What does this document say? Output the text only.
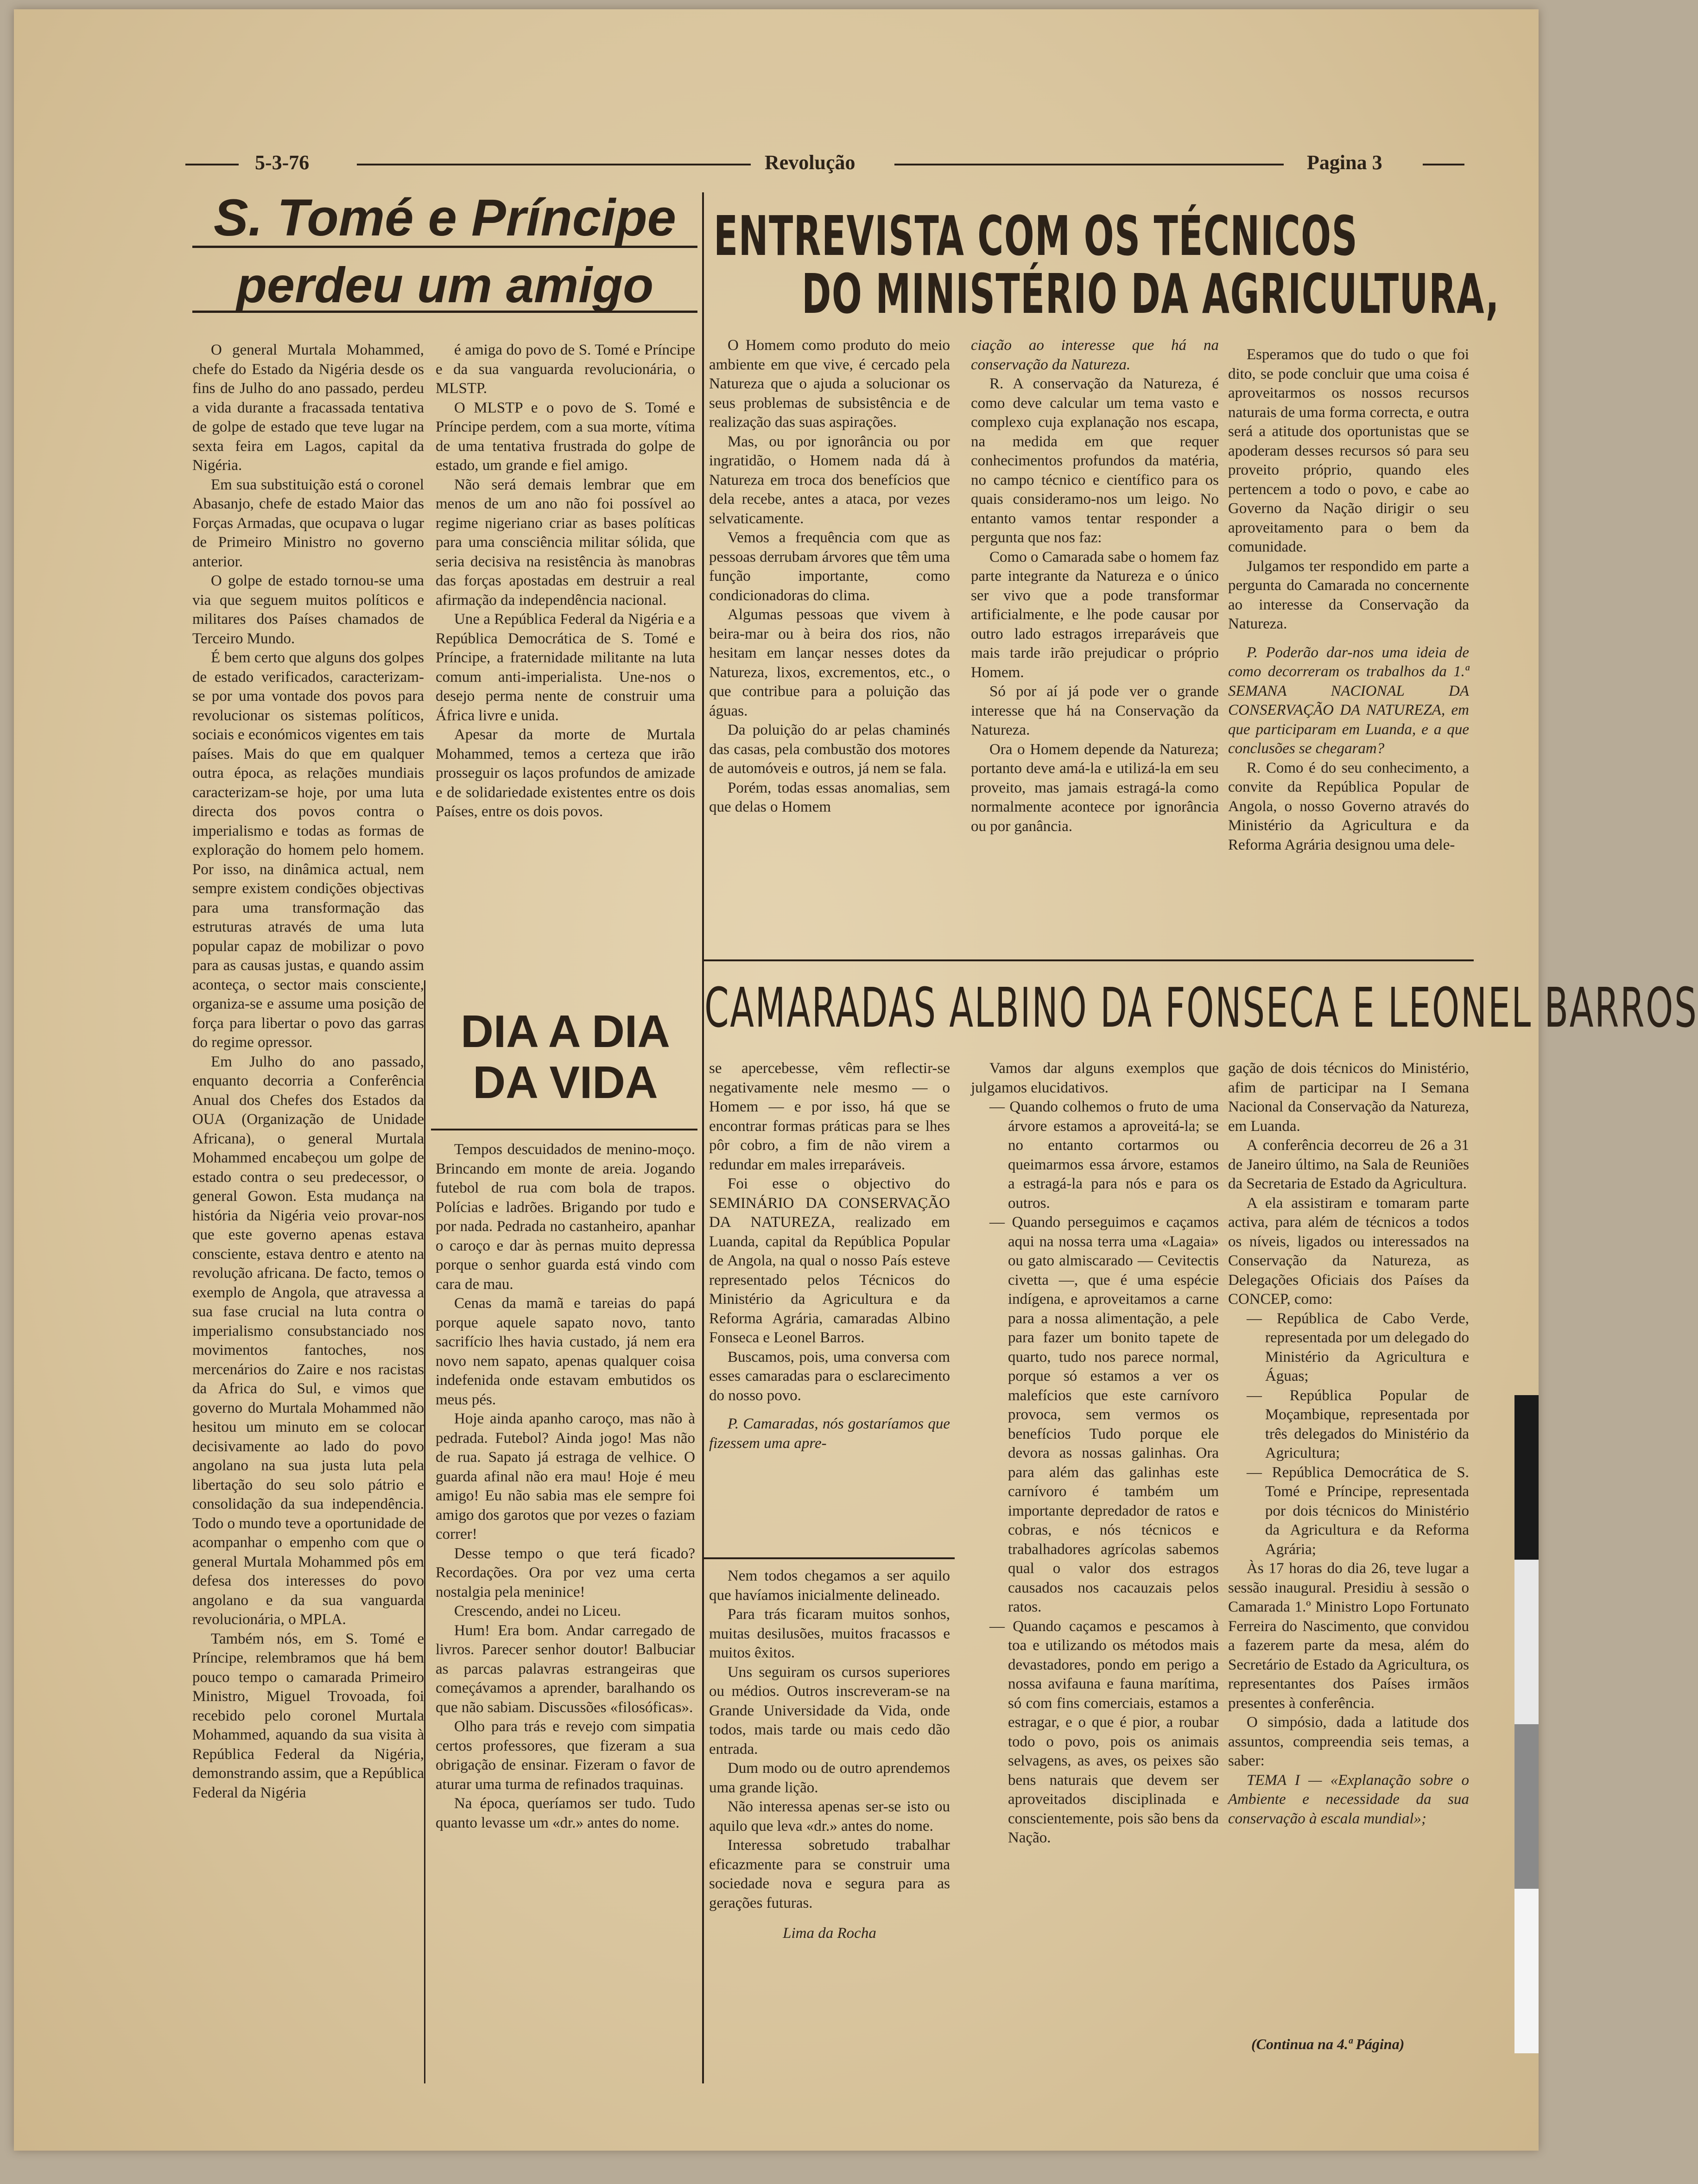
5-3-76	Revolução	Pagina 3
S. Tomé e Príncipe
perdeu um amigo

O general Murtala Mohammed, chefe do Estado da Nigéria desde os fins de Julho do ano passado, perdeu a vida durante a fracassada tentativa de golpe de estado que teve lugar na sexta feira em Lagos, capital da Nigéria.

Em sua substituição está o coronel Abasanjo, chefe de estado Maior das Forças Armadas, que ocupava o lugar de Primeiro Ministro no governo anterior.

O golpe de estado tornou-se uma via que seguem muitos políticos e militares dos Países chamados de Terceiro Mundo.

É bem certo que alguns dos golpes de estado verificados, caracterizam-se por uma vontade dos povos para revolucionar os sistemas políticos, sociais e económicos vigentes em tais países. Mais do que em qualquer outra época, as relações mundiais caracterizam-se hoje, por uma luta directa dos povos contra o imperialismo e todas as formas de exploração do homem pelo homem. Por isso, na dinâmica actual, nem sempre existem condições objectivas para uma transformação das estruturas através de uma luta popular capaz de mobilizar o povo para as causas justas, e quando assim aconteça, o sector mais consciente, organiza-se e assume uma posição de força para libertar o povo das garras do regime opressor.

Em Julho do ano passado, enquanto decorria a Conferência Anual dos Chefes dos Estados da OUA (Organização de Unidade Africana), o general Murtala Mohammed encabeçou um golpe de estado contra o seu predecessor, o general Gowon. Esta mudança na história da Nigéria veio provar-nos que este governo apenas estava consciente, estava dentro e atento na revolução africana. De facto, temos o exemplo de Angola, que atravessa a sua fase crucial na luta contra o imperialismo consubstanciado nos movimentos fantoches, nos mercenários do Zaire e nos racistas da Africa do Sul, e vimos que governo do Murtala Mohammed não hesitou um minuto em se colocar decisivamente ao lado do povo angolano na sua justa luta pela libertação do seu solo pátrio e consolidação da sua independência. Todo o mundo teve a oportunidade de acompanhar o empenho com que o general Murtala Mohammed pôs em defesa dos interesses do povo angolano e da sua vanguarda revolucionária, o MPLA.

Também nós, em S. Tomé e Príncipe, relembramos que há bem pouco tempo o camarada Primeiro Ministro, Miguel Trovoada, foi recebido pelo coronel Murtala Mohammed, aquando da sua visita à República Federal da Nigéria, demonstrando assim, que a República Federal da Nigéria

é amiga do povo de S. Tomé e Príncipe e da sua vanguarda revolucionária, o MLSTP.

O MLSTP e o povo de S. Tomé e Príncipe perdem, com a sua morte, vítima de uma tentativa frustrada do golpe de estado, um grande e fiel amigo.

Não será demais lembrar que em menos de um ano não foi possível ao regime nigeriano criar as bases políticas para uma consciência militar sólida, que seria decisiva na resistência às manobras das forças apostadas em destruir a real afirmação da independência nacional.

Une a República Federal da Nigéria e a República Democrática de S. Tomé e Príncipe, a fraternidade militante na luta comum anti-imperialista. Une-nos o desejo perma nente de construir uma África livre e unida.

Apesar da morte de Murtala Mohammed, temos a certeza que irão prosseguir os laços profundos de amizade e de solidariedade existentes entre os dois Países, entre os dois povos.

DIA A DIA
DA VIDA

Tempos descuidados de menino-moço. Brincando em monte de areia. Jogando futebol de rua com bola de trapos. Polícias e ladrões. Brigando por tudo e por nada. Pedrada no castanheiro, apanhar o caroço e dar às pernas muito depressa porque o senhor guarda está vindo com cara de mau.

Cenas da mamã e tareias do papá porque aquele sapato novo, tanto sacrifício lhes havia custado, já nem era novo nem sapato, apenas qualquer coisa indefenida onde estavam embutidos os meus pés.

Hoje ainda apanho caroço, mas não à pedrada. Futebol? Ainda jogo! Mas não de rua. Sapato já estraga de velhice. O guarda afinal não era mau! Hoje é meu amigo! Eu não sabia mas ele sempre foi amigo dos garotos que por vezes o faziam correr!

Desse tempo o que terá ficado? Recordações. Ora por vez uma certa nostalgia pela meninice!

Crescendo, andei no Liceu.

Hum! Era bom. Andar carregado de livros. Parecer senhor doutor! Balbuciar as parcas palavras estrangeiras que começávamos a aprender, baralhando os que não sabiam. Discussões «filosóficas».

Olho para trás e revejo com simpatia certos professores, que fizeram a sua obrigação de ensinar. Fizeram o favor de aturar uma turma de refinados traquinas.

Na época, queríamos ser tudo. Tudo quanto levasse um «dr.» antes do nome.

Nem todos chegamos a ser aquilo que havíamos inicialmente delineado.

Para trás ficaram muitos sonhos, muitas desilusões, muitos fracassos e muitos êxitos.

Uns seguiram os cursos superiores ou médios. Outros inscreveram-se na Grande Universidade da Vida, onde todos, mais tarde ou mais cedo dão entrada.

Dum modo ou de outro aprendemos uma grande lição.

Não interessa apenas ser-se isto ou aquilo que leva «dr.» antes do nome.

Interessa sobretudo trabalhar eficazmente para se construir uma sociedade nova e segura para as gerações futuras.

Lima da Rocha
ENTREVISTA COM OS TÉCNICOS
DO MINISTÉRIO DA AGRICULTURA,

O Homem como produto do meio ambiente em que vive, é cercado pela Natureza que o ajuda a solucionar os seus problemas de subsistência e de realização das suas aspirações.

Mas, ou por ignorância ou por ingratidão, o Homem nada dá à Natureza em troca dos benefícios que dela recebe, antes a ataca, por vezes selvaticamente.

Vemos a frequência com que as pessoas derrubam árvores que têm uma função importante, como condicionadoras do clima.

Algumas pessoas que vivem à beira-mar ou à beira dos rios, não hesitam em lançar nesses dotes da Natureza, lixos, excrementos, etc., o que contribue para a poluição das águas.

Da poluição do ar pelas chaminés das casas, pela combustão dos motores de automóveis e outros, já nem se fala.

Porém, todas essas anomalias, sem que delas o Homem

ciação ao interesse que há na conservação da Natureza.

R. A conservação da Natureza, é como deve calcular um tema vasto e complexo cuja explanação nos escapa, na medida em que requer conhecimentos profundos da matéria, no campo técnico e científico para os quais consideramo-nos um leigo. No entanto vamos tentar responder a pergunta que nos faz:

Como o Camarada sabe o homem faz parte integrante da Natureza e o único ser vivo que a pode transformar artificialmente, e lhe pode causar por outro lado estragos irreparáveis que mais tarde irão prejudicar o próprio Homem.

Só por aí já pode ver o grande interesse que há na Conservação da Natureza.

Ora o Homem depende da Natureza; portanto deve amá-la e utilizá-la em seu proveito, mas jamais estragá-la como normalmente acontece por ignorância ou por ganância.

Esperamos que do tudo o que foi dito, se pode concluir que uma coisa é aproveitarmos os nossos recursos naturais de uma forma correcta, e outra será a atitude dos oportunistas que se apoderam desses recursos só para seu proveito próprio, quando eles pertencem a todo o povo, e cabe ao Governo da Nação dirigir o seu aproveitamento para o bem da comunidade.

Julgamos ter respondido em parte a pergunta do Camarada no concernente ao interesse da Conservação da Natureza.

P. Poderão dar-nos uma ideia de como decorreram os trabalhos da 1.ª SEMANA NACIONAL DA CONSERVAÇÃO DA NATUREZA, em que participaram em Luanda, e a que conclusões se chegaram?

R. Como é do seu conhecimento, a convite da República Popular de Angola, o nosso Governo através do Ministério da Agricultura e da Reforma Agrária designou uma dele-

CAMARADAS ALBINO DA FONSECA E LEONEL BARROS

se apercebesse, vêm reflectir-se negativamente nele mesmo — o Homem — e por isso, há que se encontrar formas práticas para se lhes pôr cobro, a fim de não virem a redundar em males irreparáveis.

Foi esse o objectivo do SEMINÁRIO DA CONSERVAÇÃO DA NATUREZA, realizado em Luanda, capital da República Popular de Angola, na qual o nosso País esteve representado pelos Técnicos do Ministério da Agricultura e da Reforma Agrária, camaradas Albino Fonseca e Leonel Barros.

Buscamos, pois, uma conversa com esses camaradas para o esclarecimento do nosso povo.

P. Camaradas, nós gostaríamos que fizessem uma apre-

Vamos dar alguns exemplos que julgamos elucidativos.

— Quando colhemos o fruto de uma árvore estamos a aproveitá-la; se no entanto cortarmos ou queimarmos essa árvore, estamos a estragá-la para nós e para os outros.

— Quando perseguimos e caçamos aqui na nossa terra uma «Lagaia» ou gato almiscarado — Cevitectis civetta —, que é uma espécie indígena, e aproveitamos a carne para a nossa alimentação, a pele para fazer um bonito tapete de quarto, tudo nos parece normal, porque só estamos a ver os malefícios que este carnívoro provoca, sem vermos os benefícios Tudo porque ele devora as nossas galinhas. Ora para além das galinhas este carnívoro é também um importante depredador de ratos e cobras, e nós técnicos e trabalhadores agrícolas sabemos qual o valor dos estragos causados nos cacauzais pelos ratos.

— Quando caçamos e pescamos à toa e utilizando os métodos mais devastadores, pondo em perigo a nossa avifauna e fauna marítima, só com fins comerciais, estamos a estragar, e o que é pior, a roubar todo o povo, pois os animais selvagens, as aves, os peixes são bens naturais que devem ser aproveitados disciplinada e conscientemente, pois são bens da Nação.

gação de dois técnicos do Ministério, afim de participar na I Semana Nacional da Conservação da Natureza, em Luanda.

A conferência decorreu de 26 a 31 de Janeiro último, na Sala de Reuniões da Secretaria de Estado da Agricultura.

A ela assistiram e tomaram parte activa, para além de técnicos a todos os níveis, ligados ou interessados na Conservação da Natureza, as Delegações Oficiais dos Países da CONCEP, como:

— República de Cabo Verde, representada por um delegado do Ministério da Agricultura e Águas;

— República Popular de Moçambique, representada por três delegados do Ministério da Agricultura;

— República Democrática de S. Tomé e Príncipe, representada por dois técnicos do Ministério da Agricultura e da Reforma Agrária;

Às 17 horas do dia 26, teve lugar a sessão inaugural. Presidiu à sessão o Camarada 1.º Ministro Lopo Fortunato Ferreira do Nascimento, que convidou a fazerem parte da mesa, além do Secretário de Estado da Agricultura, os representantes dos Países irmãos presentes à conferência.

O simpósio, dada a latitude dos assuntos, compreendia seis temas, a saber:

TEMA I — «Explanação sobre o Ambiente e necessidade da sua conservação à escala mundial»;

(Continua na 4.ª Página)
